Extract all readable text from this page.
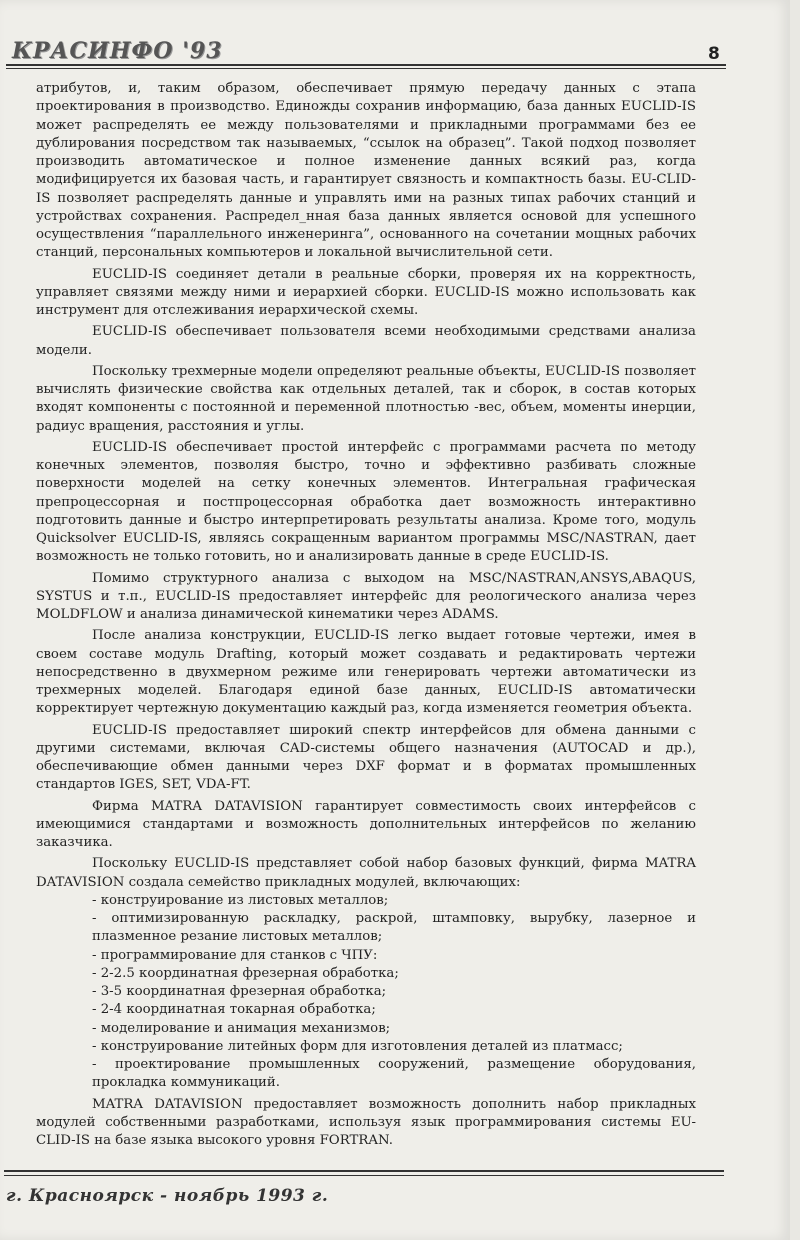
КРАСИНФО '93	8

атрибутов, и, таким образом, обеспечивает прямую передачу данных с этапа проектирования в производство. Единожды сохранив информацию, база данных EUCLID-IS может распределять ее между пользователями и прикладными программами без ее дублирования посредством так называемых, “ссылок на образец”. Такой подход позволяет производить автоматическое и полное изменение данных всякий раз, когда модифицируется их базовая часть, и гарантирует связность и компактность базы. EU-CLID-IS позволяет распределять данные и управлять ими на разных типах рабочих станций и устройствах сохранения. Распредел_нная база данных является основой для успешного осуществления “параллельного инженеринга”, основанного на сочетании мощных рабочих станций, персональных компьютеров и локальной вычислительной сети.

EUCLID-IS соединяет детали в реальные сборки, проверяя их на корректность, управляет связями между ними и иерархией сборки. EUCLID-IS можно использовать как инструмент для отслеживания иерархической схемы.

EUCLID-IS обеспечивает пользователя всеми необходимыми средствами анализа модели.

Поскольку трехмерные модели определяют реальные объекты, EUCLID-IS позволяет вычислять физические свойства как отдельных деталей, так и сборок, в состав которых входят компоненты с постоянной и переменной плотностью -вес, объем, моменты инерции, радиус вращения, расстояния и углы.

EUCLID-IS обеспечивает простой интерфейс с программами расчета по методу конечных элементов, позволяя быстро, точно и эффективно разбивать сложные поверхности моделей на сетку конечных элементов. Интегральная графическая препроцессорная и постпроцессорная обработка дает возможность интерактивно подготовить данные и быстро интерпретировать результаты анализа. Кроме того, модуль Quicksolver EUCLID-IS, являясь сокращенным вариантом программы MSC/NASTRAN, дает возможность не только готовить, но и анализировать данные в среде EUCLID-IS.

Помимо структурного анализа с выходом на MSC/NASTRAN,ANSYS,ABAQUS, SYSTUS и т.п., EUCLID-IS предоставляет интерфейс для реологического анализа через MOLDFLOW и анализа динамической кинематики через ADAMS.

После анализа конструкции, EUCLID-IS легко выдает готовые чертежи, имея в своем составе модуль Drafting, который может создавать и редактировать чертежи непосредственно в двухмерном режиме или генерировать чертежи автоматически из трехмерных моделей. Благодаря единой базе данных, EUCLID-IS автоматически корректирует чертежную документацию каждый раз, когда изменяется геометрия объекта.

EUCLID-IS предоставляет широкий спектр интерфейсов для обмена данными с другими системами, включая CAD-системы общего назначения (AUTOCAD и др.), обеспечивающие обмен данными через DXF формат и в форматах промышленных стандартов IGES, SET, VDA-FT.

Фирма MATRA DATAVISION гарантирует совместимость своих интерфейсов с имеющимися стандартами и возможность дополнительных интерфейсов по желанию заказчика.

Поскольку EUCLID-IS представляет собой набор базовых функций, фирма MATRA DATAVISION создала семейство прикладных модулей, включающих:

- конструирование из листовых металлов;
- оптимизированную раскладку, раскрой, штамповку, вырубку, лазерное и плазменное резание листовых металлов;
- программирование для станков с ЧПУ:
- 2-2.5 координатная фрезерная обработка;
- 3-5 координатная фрезерная обработка;
- 2-4 координатная токарная обработка;
- моделирование и анимация механизмов;
- конструирование литейных форм для изготовления деталей из платмасс;
- проектирование промышленных сооружений, размещение оборудования, прокладка коммуникаций.

MATRA DATAVISION предоставляет возможность дополнить набор прикладных модулей собственными разработками, используя язык программирования системы EU-CLID-IS на базе языка высокого уровня FORTRAN.

г. Красноярск - ноябрь 1993 г.
